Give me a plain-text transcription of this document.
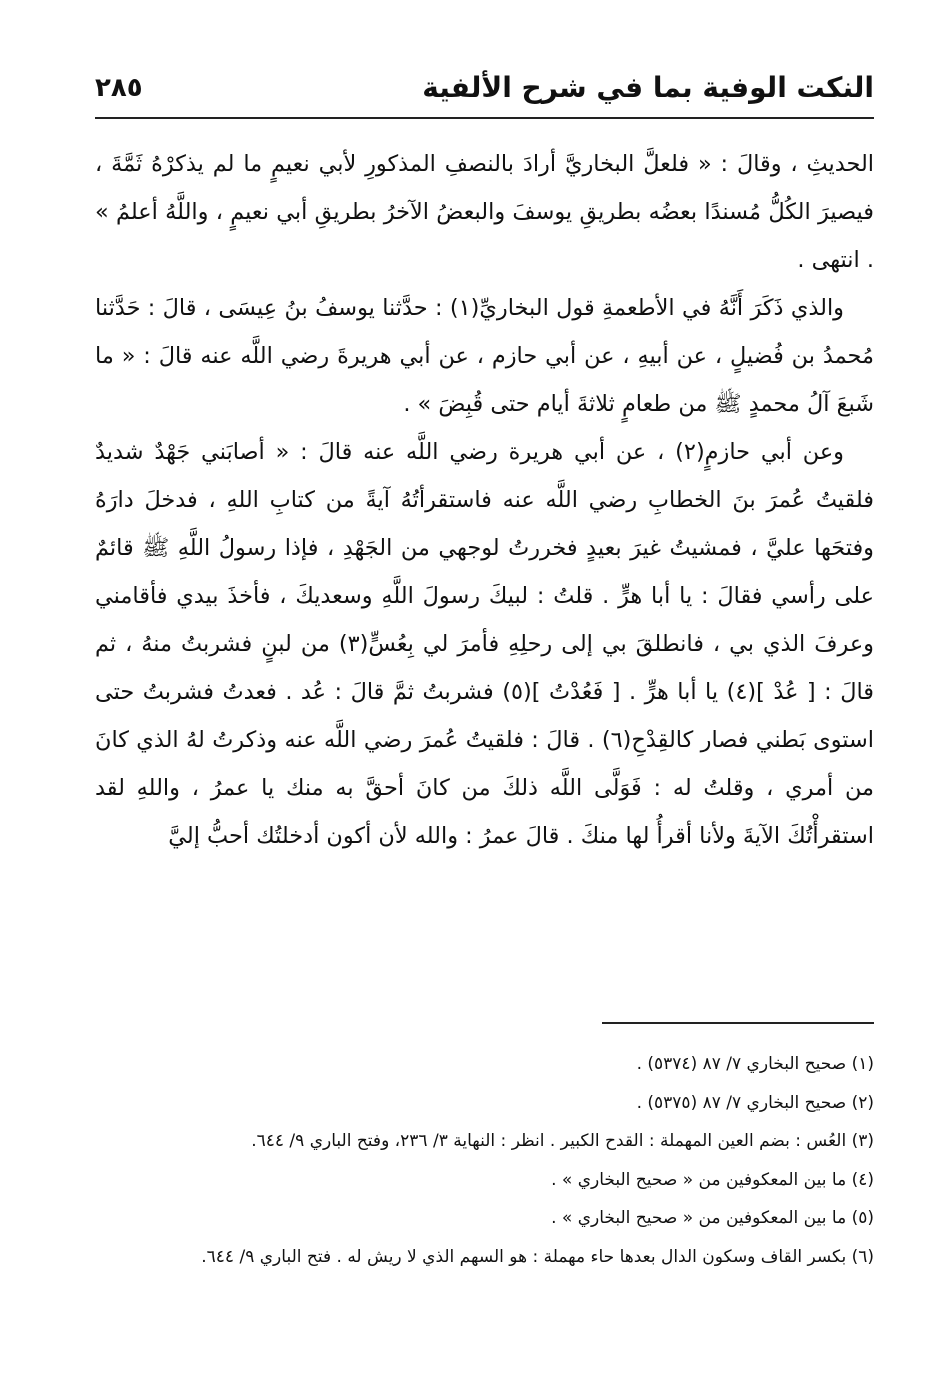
النكت الوفية بما في شرح الألفية
٢٨٥

الحديثِ ، وقالَ : « فلعلَّ البخاريَّ أرادَ بالنصفِ المذكورِ لأبي نعيمٍ ما لم يذكرْهُ ثَمَّةَ ، فيصيرَ الكُلُّ مُسندًا بعضُه بطريقِ يوسفَ والبعضُ الآخرُ بطريقِ أبي نعيمٍ ، واللَّهُ أعلمُ » . انتهى .

والذي ذَكَرَ أَنَّهُ في الأطعمةِ قول البخاريِّ(١) : حدَّثنا يوسفُ بنُ عِيسَى ، قالَ : حَدَّثنا مُحمدُ بن فُضيلٍ ، عن أبيهِ ، عن أبي حازم ، عن أبي هريرةَ رضي اللَّه عنه قالَ : « ما شَبعَ آلُ محمدٍ ﷺ من طعامٍ ثلاثةَ أيام حتى قُبِضَ » .

وعن أبي حازمٍ(٢) ، عن أبي هريرة رضي اللَّه عنه قالَ : « أصابَني جَهْدٌ شديدٌ فلقيتُ عُمرَ بنَ الخطابِ رضي اللَّه عنه فاستقرأتُهُ آيةً من كتابِ اللهِ ، فدخلَ دارَهُ وفتحَها عليَّ ، فمشيتُ غيرَ بعيدٍ فخررتُ لوجهي من الجَهْدِ ، فإذا رسولُ اللَّهِ ﷺ قائمٌ على رأسي فقالَ : يا أبا هرٍّ . قلتُ : لبيكَ رسولَ اللَّهِ وسعديكَ ، فأخذَ بيدي فأقامني وعرفَ الذي بي ، فانطلقَ بي إلى رحلِهِ فأمرَ لي بِعُسٍّ(٣) من لبنٍ فشربتُ منهُ ، ثم قالَ : [ عُدْ ](٤) يا أبا هرٍّ . [ فَعُدْتُ ](٥) فشربتُ ثمَّ قالَ : عُد . فعدتُ فشربتُ حتى استوى بَطني فصار كالقِدْحِ(٦) . قالَ : فلقيتُ عُمرَ رضي اللَّه عنه وذكرتُ لهُ الذي كانَ من أمري ، وقلتُ له : فَوَلَّى اللَّه ذلكَ من كانَ أحقَّ به منك يا عمرُ ، واللهِ لقد استقرأْتُكَ الآيةَ ولأنا أقرأُ لها منكَ . قالَ عمرُ : والله لأن أكون أدخلتُك أحبُّ إليَّ

(١) صحيح البخاري ٧/ ٨٧ (٥٣٧٤) .
(٢) صحيح البخاري ٧/ ٨٧ (٥٣٧٥) .
(٣) العُس : بضم العين المهملة : القدح الكبير . انظر : النهاية ٣/ ٢٣٦، وفتح الباري ٩/ ٦٤٤.
(٤) ما بين المعكوفين من « صحيح البخاري » .
(٥) ما بين المعكوفين من « صحيح البخاري » .
(٦) بكسر القاف وسكون الدال بعدها حاء مهملة : هو السهم الذي لا ريش له . فتح الباري ٩/ ٦٤٤.
